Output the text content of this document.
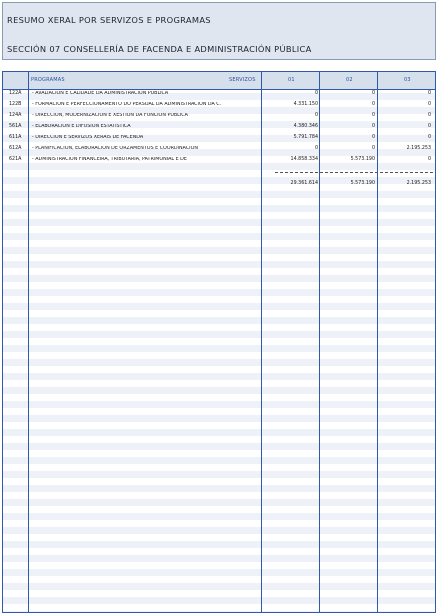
RESUMO XERAL POR SERVIZOS E PROGRAMAS
SECCIÓN 07 CONSELLERÍA DE FACENDA E ADMINISTRACIÓN PÚBLICA
PROGRAMAS	SERVIZOS	01	02	03
122A - AVALIACIÓN E CALIDADE DA ADMINISTRACIÓN PÚBLICA	0	0	0
122B - FORMACIÓN E PERFECCIONAMENTO DO PERSOAL DA ADMINISTRACIÓN DA C.	4.331.150	0	0
124A - DIRECCIÓN, MODERNIZACIÓN E XESTIÓN DA FUNCIÓN PÚBLICA	0	0	0
561A - ELABORACIÓN E DIFUSIÓN ESTATÍSTICA	4.380.346	0	0
611A - DIRECCIÓN E SERVIZOS XERAIS DE FACENDA	5.791.784	0	0
612A - PLANIFICACIÓN, ELABORACIÓN DE ORZAMENTOS E COORDINACIÓN	0	0	2.195.253
621A - ADMINISTRACIÓN FINANCEIRA, TRIBUTARIA, PATRIMONIAL E DE	14.858.334	5.573.190	0
29.361.614	5.573.190	2.195.253
